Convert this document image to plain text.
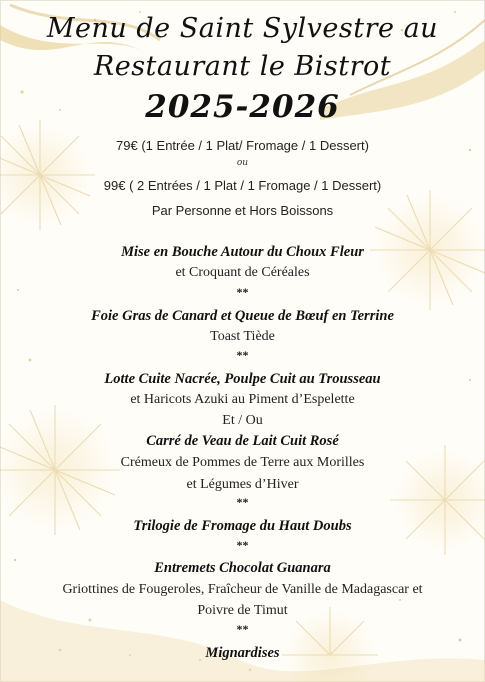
Menu de Saint Sylvestre au
Restaurant le Bistrot
2025-2026
79€ (1 Entrée / 1 Plat/ Fromage / 1 Dessert)
ou
99€ ( 2 Entrées / 1 Plat / 1 Fromage / 1 Dessert)
Par Personne et Hors Boissons
Mise en Bouche Autour du Choux Fleur
et Croquant de Céréales
**
Foie Gras de Canard et Queue de Bœuf en Terrine
Toast Tiède
**
Lotte Cuite Nacrée, Poulpe Cuit au Trousseau
et Haricots Azuki au Piment d’Espelette
Et / Ou
Carré de Veau de Lait Cuit Rosé
Crémeux de Pommes de Terre aux Morilles
et Légumes d’Hiver
**
Trilogie de Fromage du Haut Doubs
**
Entremets Chocolat Guanara
Griottines de Fougeroles, Fraîcheur de Vanille de Madagascar et
Poivre de Timut
**
Mignardises
